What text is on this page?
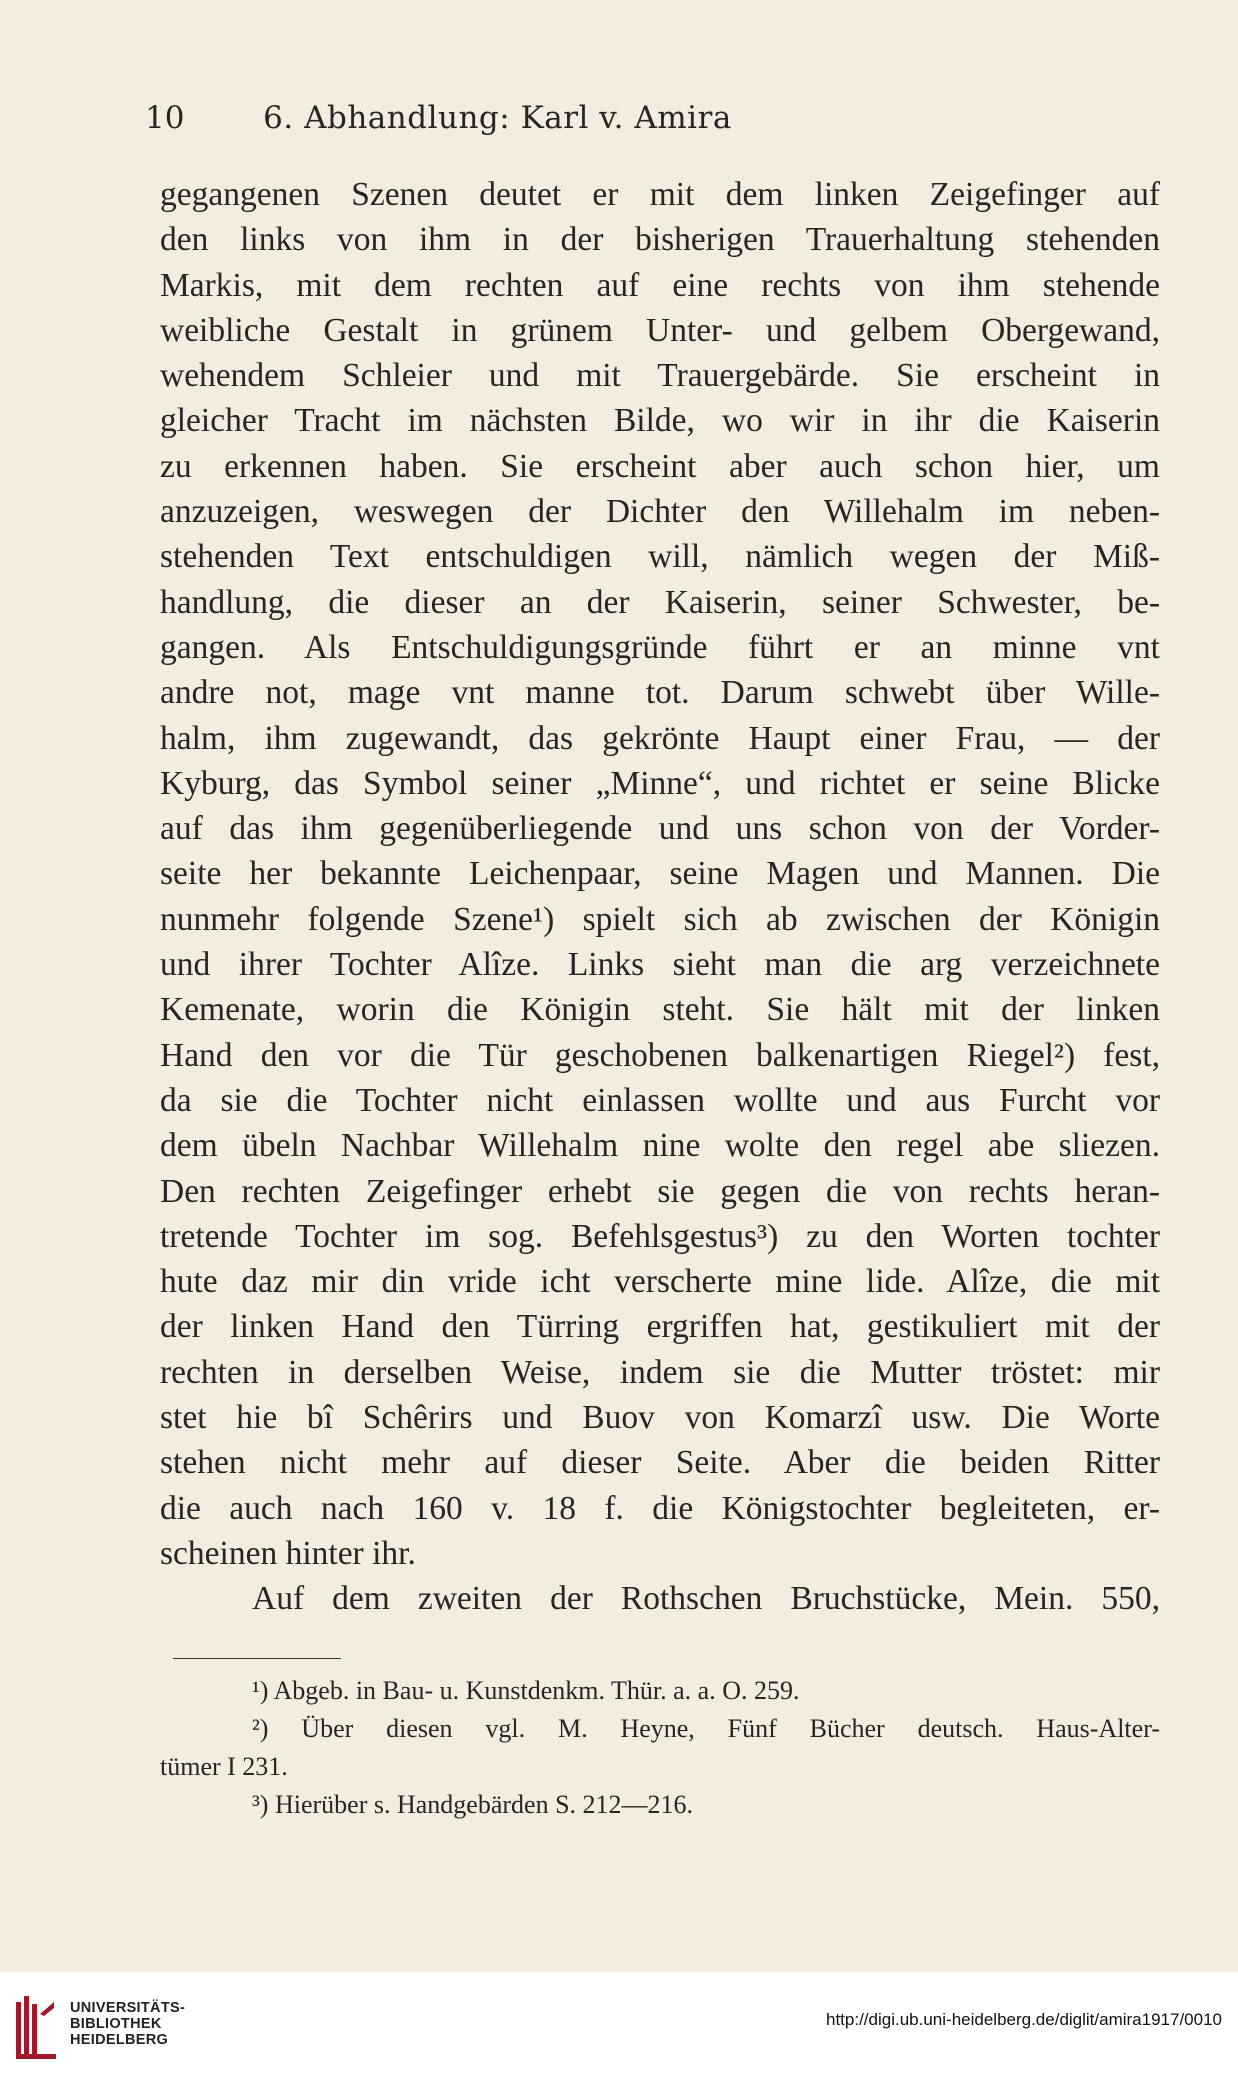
10	6. Abhandlung: Karl v. Amira
gegangenen Szenen deutet er mit dem linken Zeigefinger auf
den links von ihm in der bisherigen Trauerhaltung stehenden
Markis, mit dem rechten auf eine rechts von ihm stehende
weibliche Gestalt in grünem Unter- und gelbem Obergewand,
wehendem Schleier und mit Trauergebärde. Sie erscheint in
gleicher Tracht im nächsten Bilde, wo wir in ihr die Kaiserin
zu erkennen haben. Sie erscheint aber auch schon hier, um
anzuzeigen, weswegen der Dichter den Willehalm im neben-
stehenden Text entschuldigen will, nämlich wegen der Miß-
handlung, die dieser an der Kaiserin, seiner Schwester, be-
gangen. Als Entschuldigungsgründe führt er an minne vnt
andre not, mage vnt manne tot. Darum schwebt über Wille-
halm, ihm zugewandt, das gekrönte Haupt einer Frau, — der
Kyburg, das Symbol seiner „Minne“, und richtet er seine Blicke
auf das ihm gegenüberliegende und uns schon von der Vorder-
seite her bekannte Leichenpaar, seine Magen und Mannen. Die
nunmehr folgende Szene¹) spielt sich ab zwischen der Königin
und ihrer Tochter Alîze. Links sieht man die arg verzeichnete
Kemenate, worin die Königin steht. Sie hält mit der linken
Hand den vor die Tür geschobenen balkenartigen Riegel²) fest,
da sie die Tochter nicht einlassen wollte und aus Furcht vor
dem übeln Nachbar Willehalm nine wolte den regel abe sliezen.
Den rechten Zeigefinger erhebt sie gegen die von rechts heran-
tretende Tochter im sog. Befehlsgestus³) zu den Worten tochter
hute daz mir din vride icht verscherte mine lide. Alîze, die mit
der linken Hand den Türring ergriffen hat, gestikuliert mit der
rechten in derselben Weise, indem sie die Mutter tröstet: mir
stet hie bî Schêrirs und Buov von Komarzî usw. Die Worte
stehen nicht mehr auf dieser Seite. Aber die beiden Ritter
die auch nach 160 v. 18 f. die Königstochter begleiteten, er-
scheinen hinter ihr.
Auf dem zweiten der Rothschen Bruchstücke, Mein. 550,
¹) Abgeb. in Bau- u. Kunstdenkm. Thür. a. a. O. 259.
²) Über diesen vgl. M. Heyne, Fünf Bücher deutsch. Haus-Alter-
tümer I 231.
³) Hierüber s. Handgebärden S. 212—216.
UNIVERSITÄTS-
BIBLIOTHEK
HEIDELBERG
http://digi.ub.uni-heidelberg.de/diglit/amira1917/0010
